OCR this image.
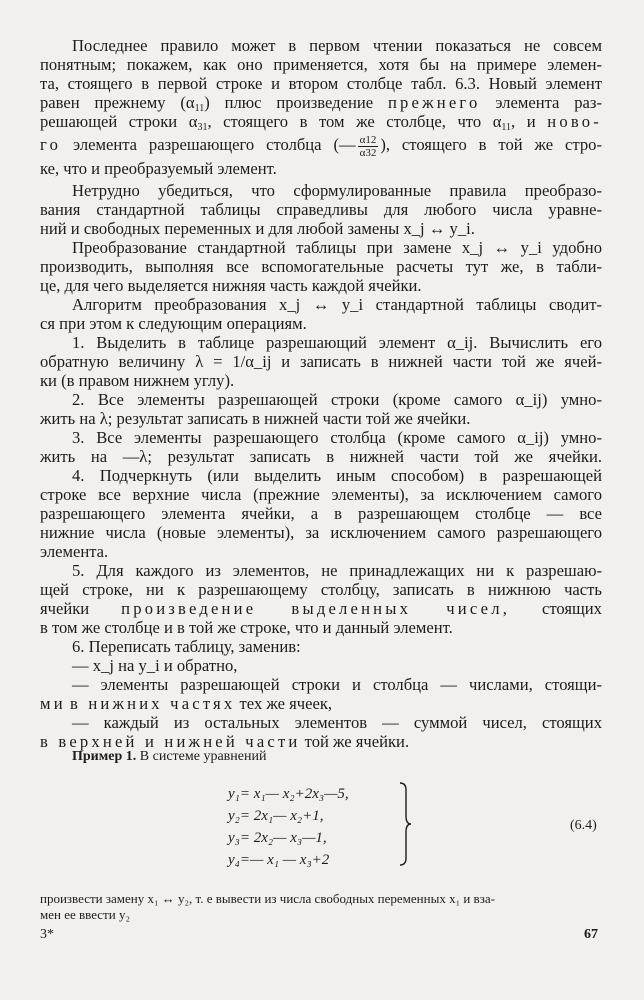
Последнее правило может в первом чтении показаться не совсем
понятным; покажем, как оно применяется, хотя бы на примере элемен-
та, стоящего в первой строке и втором столбце табл. 6.3. Новый элемент
равен прежнему $(\alpha_{11})$ плюс произведение прежнего элемента раз-
решающей строки $\alpha_{31}$, стоящего в том же столбце, что $\alpha_{11}$, и ново-
го элемента разрешающего столбца (— $\frac{\alpha 12}{\alpha 32}$ ), стоящего в той же стро-
ке, что и преобразуемый элемент.
Нетрудно убедиться, что сформулированные правила преобразо-
вания стандартной таблицы справедливы для любого числа уравне-
ний и свободных переменных и для любой замены x_j ↔ y_i.
Преобразование стандартной таблицы при замене x_j ↔ y_i удобно
производить, выполняя все вспомогательные расчеты тут же, в табли-
це, для чего выделяется нижняя часть каждой ячейки.
Алгоритм преобразования x_j ↔ y_i стандартной таблицы сводит-
ся при этом к следующим операциям.
1. Выделить в таблице разрешающий элемент α_ij. Вычислить его
обратную величину λ = 1/α_ij и записать в нижней части той же ячей-
ки (в правом нижнем углу).
2. Все элементы разрешающей строки (кроме самого α_ij) умно-
жить на λ; результат записать в нижней части той же ячейки.
3. Все элементы разрешающего столбца (кроме самого α_ij) умно-
жить на —λ; результат записать в нижней части той же ячейки.
4. Подчеркнуть (или выделить иным способом) в разрешающей
строке все верхние числа (прежние элементы), за исключением самого
разрешающего элемента ячейки, а в разрешающем столбце — все
нижние числа (новые элементы), за исключением самого разрешающего
элемента.
5. Для каждого из элементов, не принадлежащих ни к разрешаю-
щей строке, ни к разрешающему столбцу, записать в нижнюю часть
ячейки произведение выделенных чисел, стоящих
в том же столбце и в той же строке, что и данный элемент.
6. Переписать таблицу, заменив:
— x_j на y_i и обратно,
— элементы разрешающей строки и столбца — числами, стоящи-
ми в нижних частях тех же ячеек,
— каждый из остальных элементов — суммой чисел, стоящих
в верхней и нижней части той же ячейки.
Пример 1. В системе уравнений
y₁= x₁— x₂+2x₃—5,
y₂= 2x₁— x₂+1,
y₃= 2x₂— x₃—1,
y₄=— x₁ — x₃+2
(6.4)
произвести замену x₁ ↔ y₂, т. е вывести из числа свободных переменных x₁ и вза-
мен ее ввести y₂
3*	67
